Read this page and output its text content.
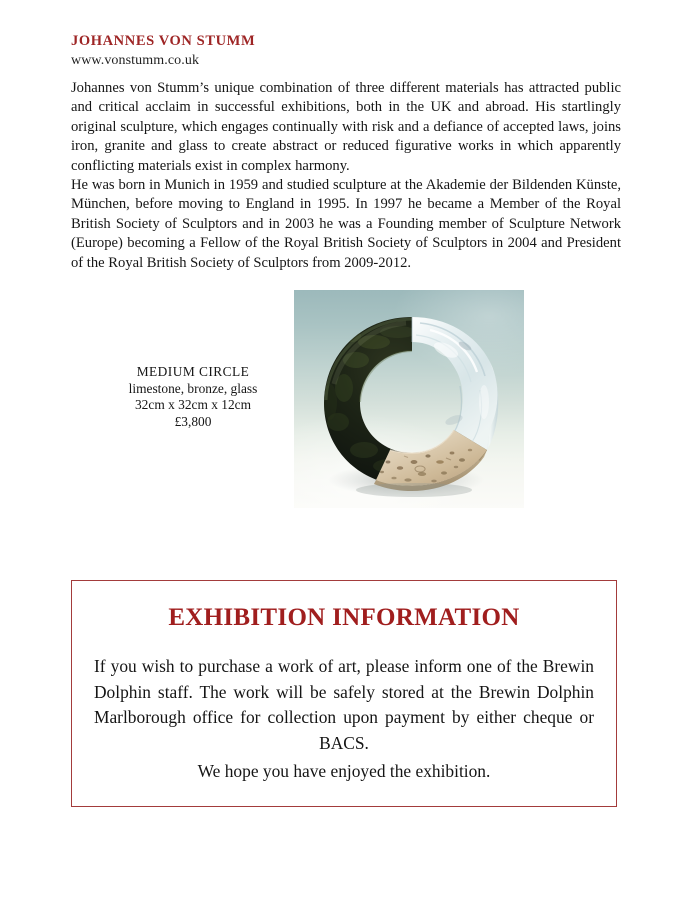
JOHANNES VON STUMM
www.vonstumm.co.uk
Johannes von Stumm’s unique combination of three different materials has attracted public and critical acclaim in successful exhibitions, both in the UK and abroad. His startlingly original sculpture, which engages continually with risk and a defiance of accepted laws, joins iron, granite and glass to create abstract or reduced figurative works in which apparently conflicting materials exist in complex harmony.
He was born in Munich in 1959 and studied sculpture at the Akademie der Bildenden Künste, München, before moving to England in 1995. In 1997 he became a Member of the Royal British Society of Sculptors and in 2003 he was a Founding member of Sculpture Network (Europe) becoming a Fellow of the Royal British Society of Sculptors in 2004 and President of the Royal British Society of Sculptors from 2009-2012.
MEDIUM CIRCLE
limestone, bronze, glass
32cm x 32cm x 12cm
£3,800
EXHIBITION INFORMATION
If you wish to purchase a work of art, please inform one of the Brewin Dolphin staff. The work will be safely stored at the Brewin Dolphin Marlborough office for collection upon payment by either cheque or BACS.
We hope you have enjoyed the exhibition.
